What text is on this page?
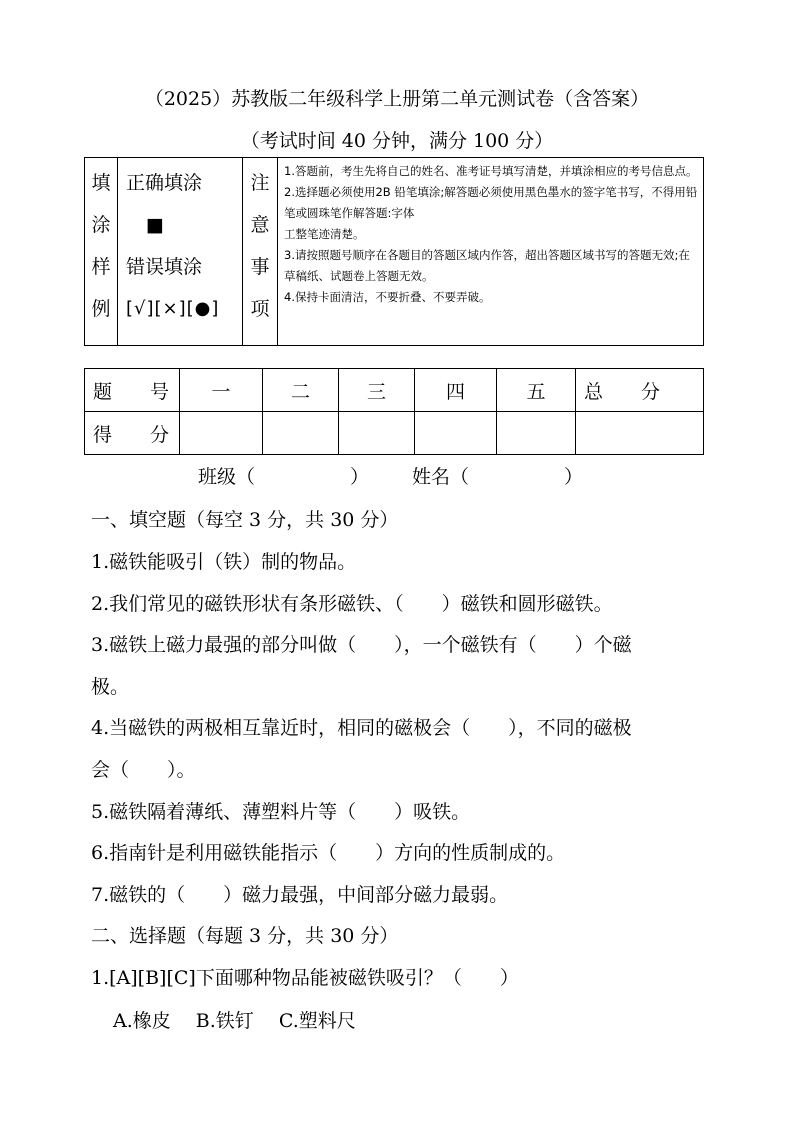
（2025）苏教版二年级科学上册第二单元测试卷（含答案）
（考试时间 40 分钟，满分 100 分）
填
涂
样
例

正确填涂
■
错误填涂
[√][×][●]

注
意
事
项

1.答题前，考生先将自己的姓名、准考证号填写清楚，并填涂相应的考号信息点。

2.选择题必须使用2B 铅笔填涂;解答题必须使用黑色墨水的签字笔书写，不得用铅笔或圆珠笔作解答题:字体

工整笔迹清楚。

3.请按照题号顺序在各题目的答题区域内作答，超出答题区域书写的答题无效;在草稿纸、试题卷上答题无效。

4.保持卡面清洁，不要折叠、不要弄破。

题　　号	一	二	三	四	五	总　　分
得　　分						
班级（　　　　　） 姓名（　　　　　）
一、填空题（每空 3 分，共 30 分）
1.磁铁能吸引（铁）制的物品。
2.我们常见的磁铁形状有条形磁铁、（　　）磁铁和圆形磁铁。
3.磁铁上磁力最强的部分叫做（　　），一个磁铁有（　　）个磁
极。
4.当磁铁的两极相互靠近时，相同的磁极会（　　），不同的磁极
会（　　）。
5.磁铁隔着薄纸、薄塑料片等（　　）吸铁。
6.指南针是利用磁铁能指示（　　）方向的性质制成的。
7.磁铁的（　　）磁力最强，中间部分磁力最弱。
二、选择题（每题 3 分，共 30 分）
1.[A][B][C]下面哪种物品能被磁铁吸引？（　　）
A.橡皮　 B.铁钉　 C.塑料尺
